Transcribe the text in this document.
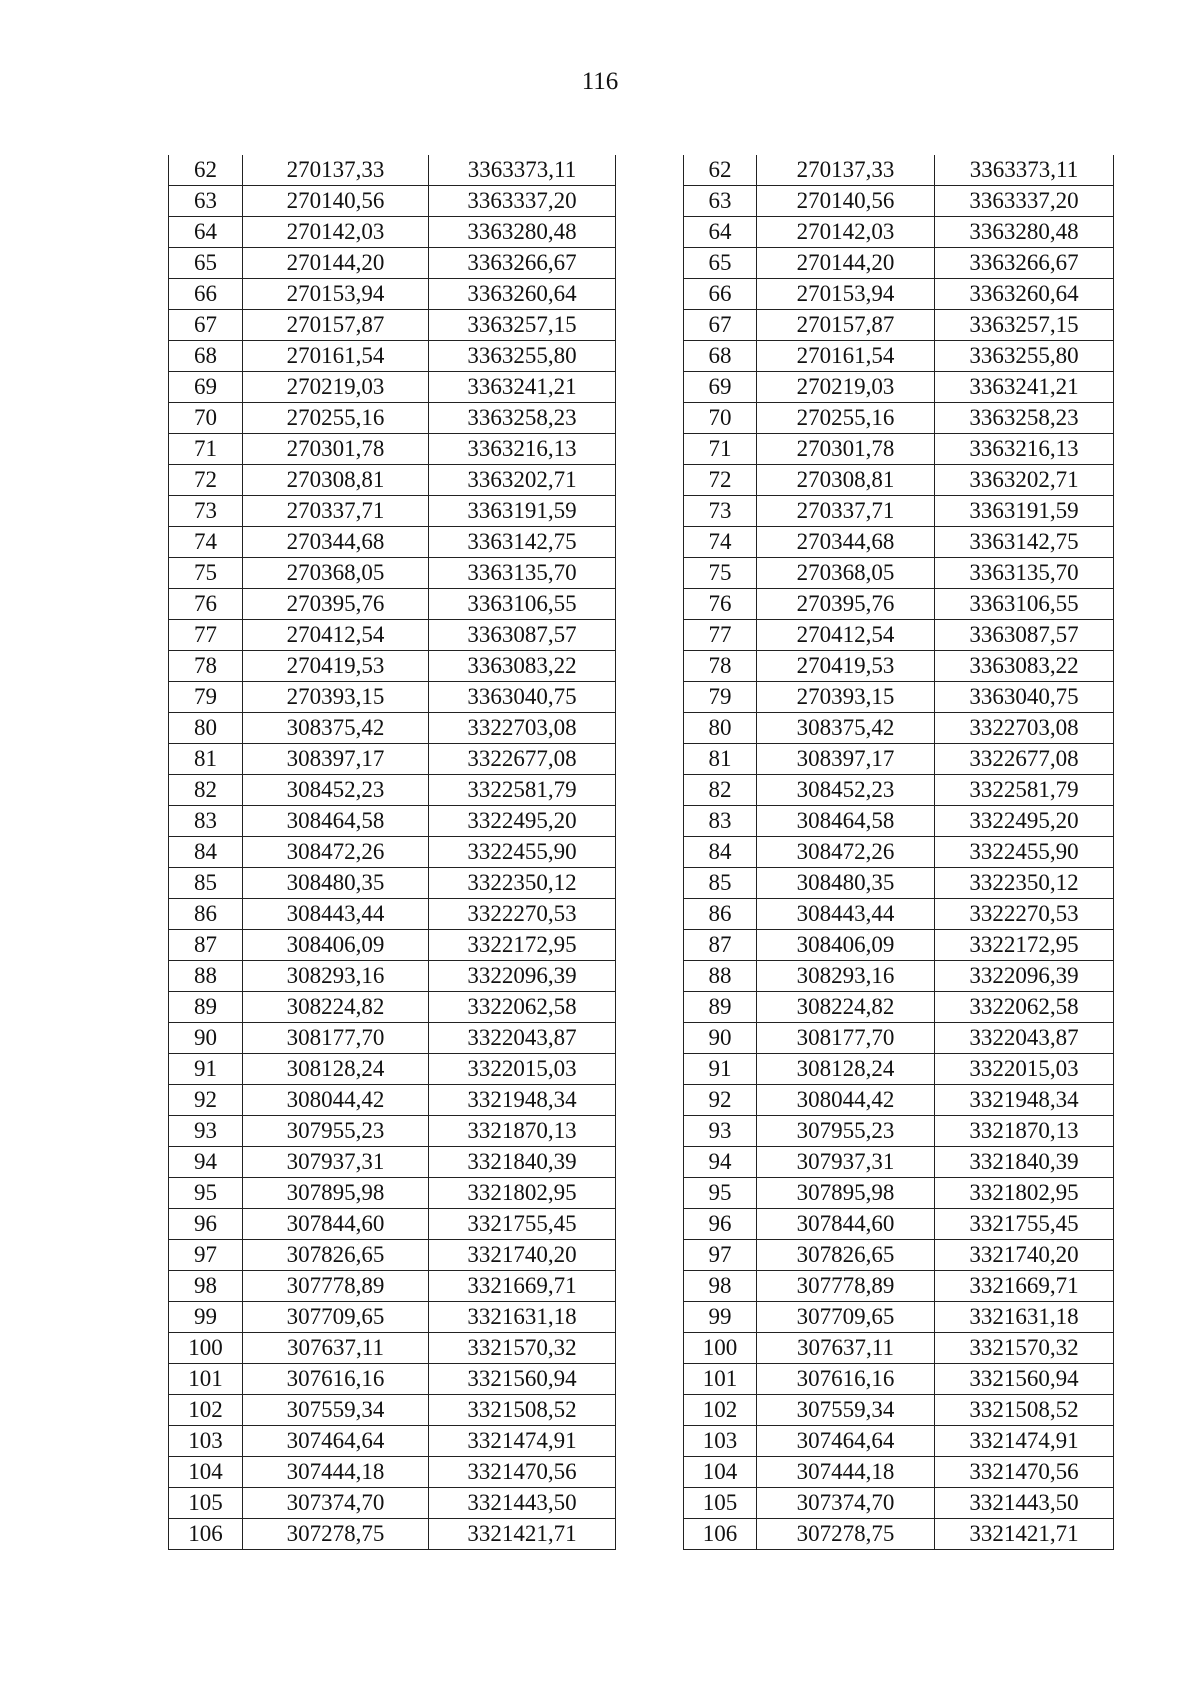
116
62	270137,33	3363373,11
63	270140,56	3363337,20
64	270142,03	3363280,48
65	270144,20	3363266,67
66	270153,94	3363260,64
67	270157,87	3363257,15
68	270161,54	3363255,80
69	270219,03	3363241,21
70	270255,16	3363258,23
71	270301,78	3363216,13
72	270308,81	3363202,71
73	270337,71	3363191,59
74	270344,68	3363142,75
75	270368,05	3363135,70
76	270395,76	3363106,55
77	270412,54	3363087,57
78	270419,53	3363083,22
79	270393,15	3363040,75
80	308375,42	3322703,08
81	308397,17	3322677,08
82	308452,23	3322581,79
83	308464,58	3322495,20
84	308472,26	3322455,90
85	308480,35	3322350,12
86	308443,44	3322270,53
87	308406,09	3322172,95
88	308293,16	3322096,39
89	308224,82	3322062,58
90	308177,70	3322043,87
91	308128,24	3322015,03
92	308044,42	3321948,34
93	307955,23	3321870,13
94	307937,31	3321840,39
95	307895,98	3321802,95
96	307844,60	3321755,45
97	307826,65	3321740,20
98	307778,89	3321669,71
99	307709,65	3321631,18
100	307637,11	3321570,32
101	307616,16	3321560,94
102	307559,34	3321508,52
103	307464,64	3321474,91
104	307444,18	3321470,56
105	307374,70	3321443,50
106	307278,75	3321421,71
62	270137,33	3363373,11
63	270140,56	3363337,20
64	270142,03	3363280,48
65	270144,20	3363266,67
66	270153,94	3363260,64
67	270157,87	3363257,15
68	270161,54	3363255,80
69	270219,03	3363241,21
70	270255,16	3363258,23
71	270301,78	3363216,13
72	270308,81	3363202,71
73	270337,71	3363191,59
74	270344,68	3363142,75
75	270368,05	3363135,70
76	270395,76	3363106,55
77	270412,54	3363087,57
78	270419,53	3363083,22
79	270393,15	3363040,75
80	308375,42	3322703,08
81	308397,17	3322677,08
82	308452,23	3322581,79
83	308464,58	3322495,20
84	308472,26	3322455,90
85	308480,35	3322350,12
86	308443,44	3322270,53
87	308406,09	3322172,95
88	308293,16	3322096,39
89	308224,82	3322062,58
90	308177,70	3322043,87
91	308128,24	3322015,03
92	308044,42	3321948,34
93	307955,23	3321870,13
94	307937,31	3321840,39
95	307895,98	3321802,95
96	307844,60	3321755,45
97	307826,65	3321740,20
98	307778,89	3321669,71
99	307709,65	3321631,18
100	307637,11	3321570,32
101	307616,16	3321560,94
102	307559,34	3321508,52
103	307464,64	3321474,91
104	307444,18	3321470,56
105	307374,70	3321443,50
106	307278,75	3321421,71
